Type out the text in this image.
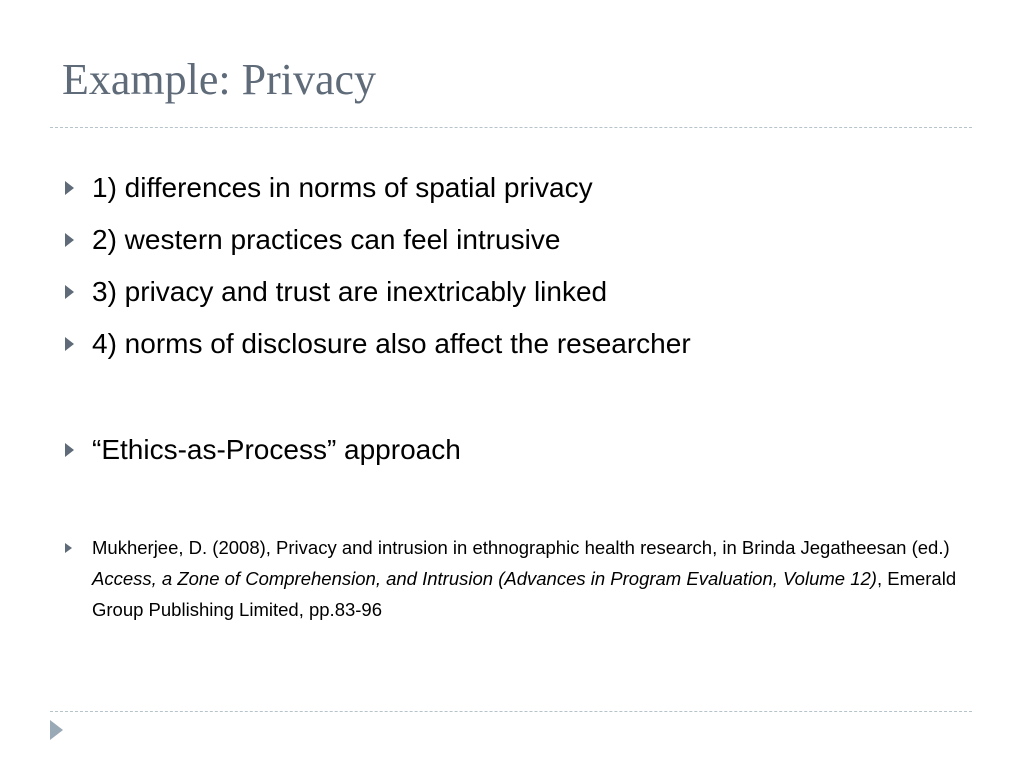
Example: Privacy
1) differences in norms of spatial privacy
2) western practices can feel intrusive
3) privacy and trust are inextricably linked
4) norms of disclosure also affect the researcher
“Ethics-as-Process” approach
Mukherjee, D. (2008), Privacy and intrusion in ethnographic health research, in Brinda Jegatheesan (ed.) Access, a Zone of Comprehension, and Intrusion (Advances in Program Evaluation, Volume 12), Emerald Group Publishing Limited, pp.83-96
